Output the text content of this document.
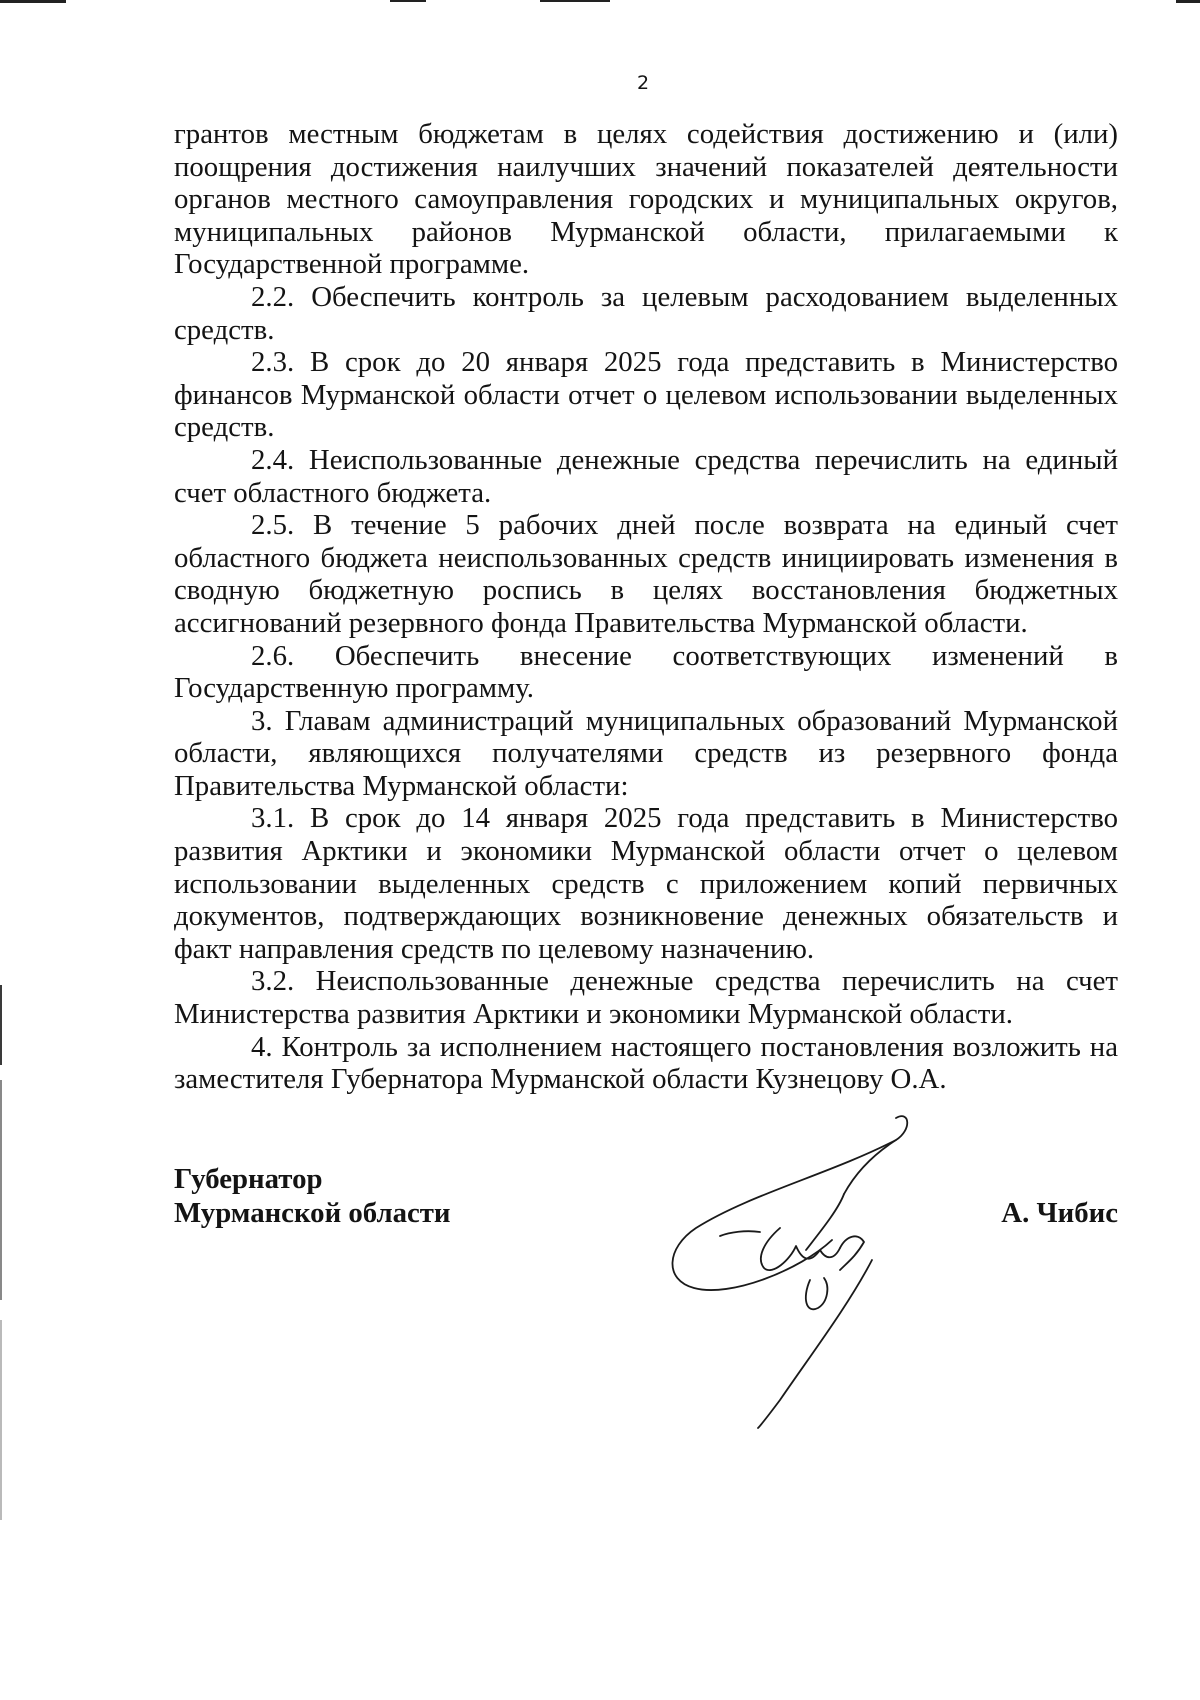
2

грантов местным бюджетам в целях содействия достижению и (или) поощрения достижения наилучших значений показателей деятельности органов местного самоуправления городских и муниципальных округов, муниципальных районов Мурманской области, прилагаемыми к Государственной программе.

2.2. Обеспечить контроль за целевым расходованием выделенных средств.

2.3. В срок до 20 января 2025 года представить в Министерство финансов Мурманской области отчет о целевом использовании выделенных средств.

2.4. Неиспользованные денежные средства перечислить на единый счет областного бюджета.

2.5. В течение 5 рабочих дней после возврата на единый счет областного бюджета неиспользованных средств инициировать изменения в сводную бюджетную роспись в целях восстановления бюджетных ассигнований резервного фонда Правительства Мурманской области.

2.6. Обеспечить внесение соответствующих изменений в Государственную программу.

3. Главам администраций муниципальных образований Мурманской области, являющихся получателями средств из резервного фонда Правительства Мурманской области:

3.1. В срок до 14 января 2025 года представить в Министерство развития Арктики и экономики Мурманской области отчет о целевом использовании выделенных средств с приложением копий первичных документов, подтверждающих возникновение денежных обязательств и факт направления средств по целевому назначению.

3.2. Неиспользованные денежные средства перечислить на счет Министерства развития Арктики и экономики Мурманской области.

4. Контроль за исполнением настоящего постановления возложить на заместителя Губернатора Мурманской области Кузнецову О.А.

Губернатор
Мурманской области	А. Чибис
